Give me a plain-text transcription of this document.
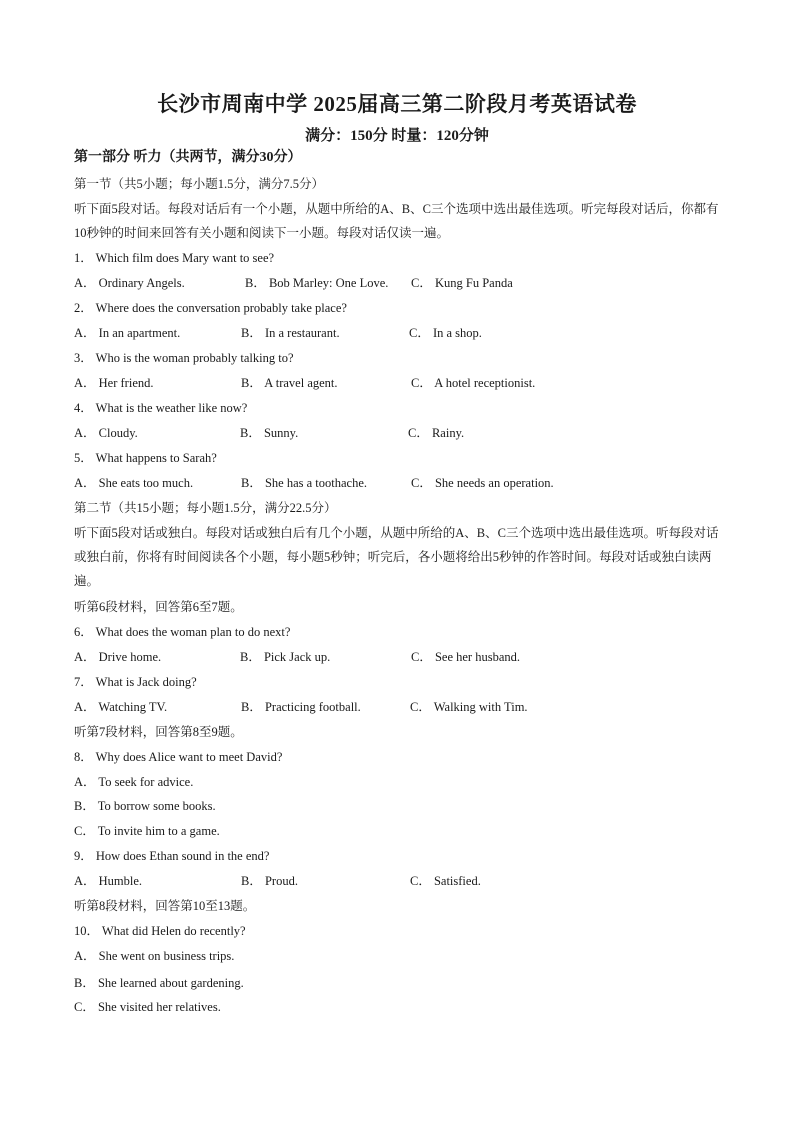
长沙市周南中学 2025届高三第二阶段月考英语试卷
满分：150分 时量：120分钟
第一部分 听力（共两节，满分30分）
第一节（共5小题；每小题1.5分，满分7.5分）
听下面5段对话。每段对话后有一个小题，从题中所给的A、B、C三个选项中选出最佳选项。听完每段对话后，你都有10秒钟的时间来回答有关小题和阅读下一小题。每段对话仅读一遍。
1． Which film does Mary want to see?
A． Ordinary Angels.	B． Bob Marley: One Love. C． Kung Fu Panda
2． Where does the conversation probably take place?
A． In an apartment.	B． In a restaurant.	C． In a shop.
3． Who is the woman probably talking to?
A． Her friend.	B． A travel agent.	C． A hotel receptionist.
4． What is the weather like now?
A． Cloudy.	B． Sunny.	C． Rainy.
5． What happens to Sarah?
A． She eats too much.	B． She has a toothache.	C． She needs an operation.
第二节（共15小题；每小题1.5分，满分22.5分）
听下面5段对话或独白。每段对话或独白后有几个小题，从题中所给的A、B、C三个选项中选出最佳选项。听每段对话或独白前，你将有时间阅读各个小题，每小题5秒钟；听完后，各小题将给出5秒钟的作答时间。每段对话或独白读两遍。
听第6段材料，回答第6至7题。
6． What does the woman plan to do next?
A． Drive home.	B． Pick Jack up.	C． See her husband.
7． What is Jack doing?
A． Watching TV.	B． Practicing football.	C． Walking with Tim.
听第7段材料，回答第8至9题。
8． Why does Alice want to meet David?
A． To seek for advice.
B． To borrow some books.
C． To invite him to a game.
9． How does Ethan sound in the end?
A． Humble.	B． Proud.	C． Satisfied.
听第8段材料，回答第10至13题。
10． What did Helen do recently?
A． She went on business trips.
B． She learned about gardening.
C． She visited her relatives.
